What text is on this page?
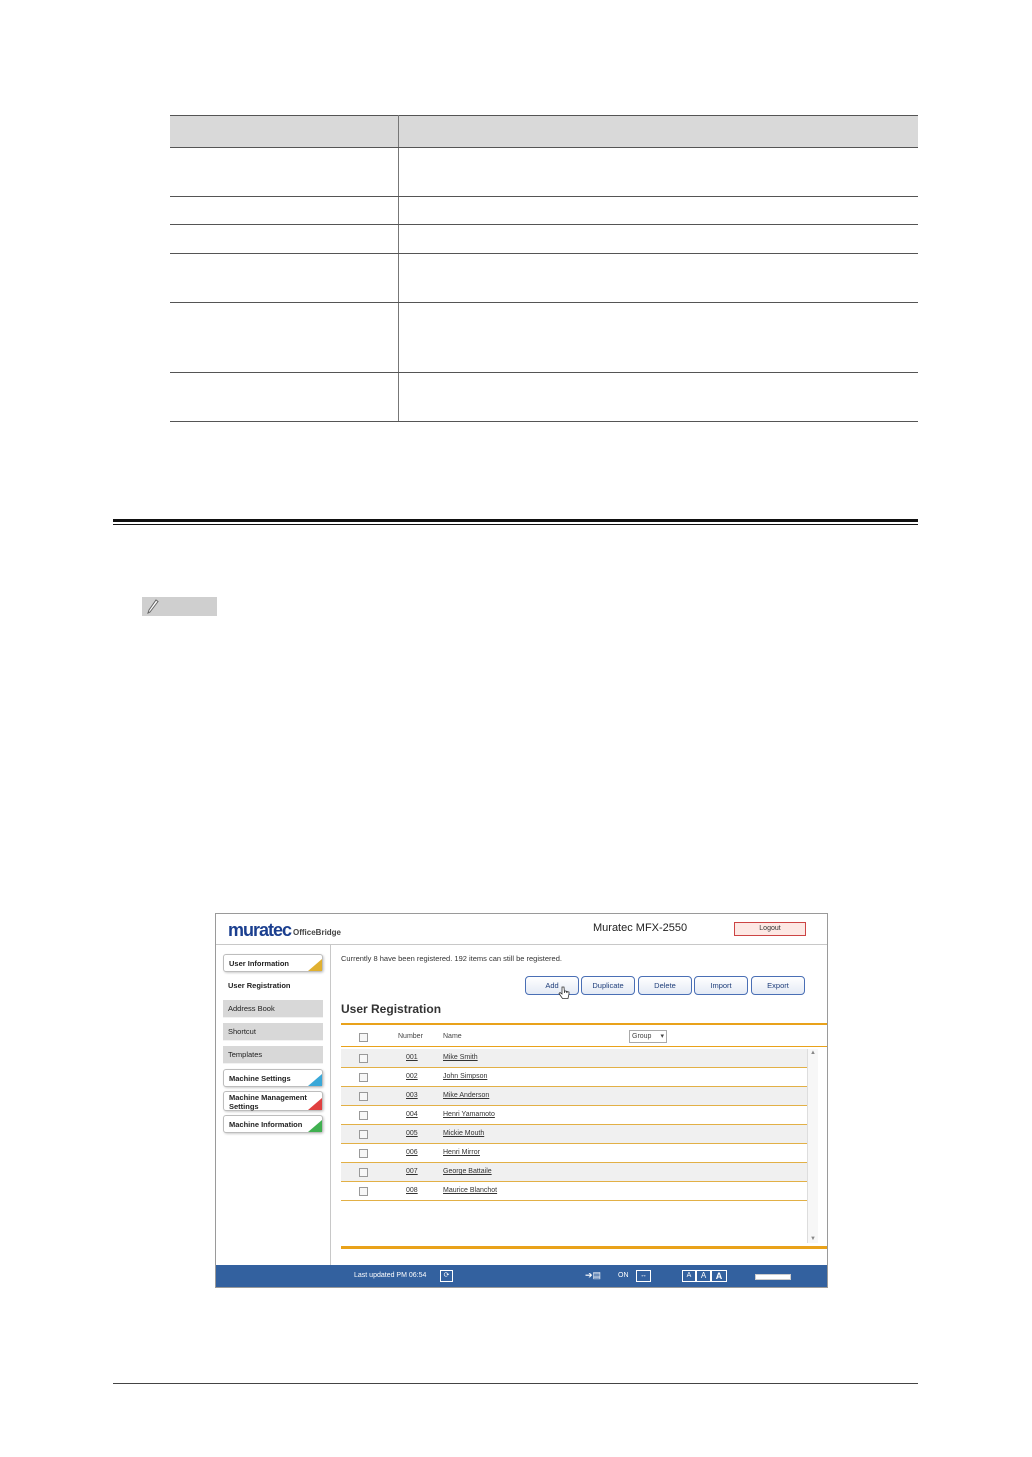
muratec OfficeBridge	Muratec MFX-2550	Logout
User Information
User Registration
Address Book
Shortcut
Templates
Machine Settings
Machine Management Settings
Machine Information
Currently 8 have been registered. 192 items can still be registered.
Add	Duplicate	Delete	Import	Export
User Registration
Number	Name	Group ▾
001	Mike Smith
002	John Simpson
003	Mike Anderson
004	Henri Yamamoto
005	Mickie Mouth
006	Henri Mirror
007	George Battaile
008	Maurice Blanchot
▲
▼
Last updated PM 06:54	⟳	➔▤ ON	↔	A	A	A
